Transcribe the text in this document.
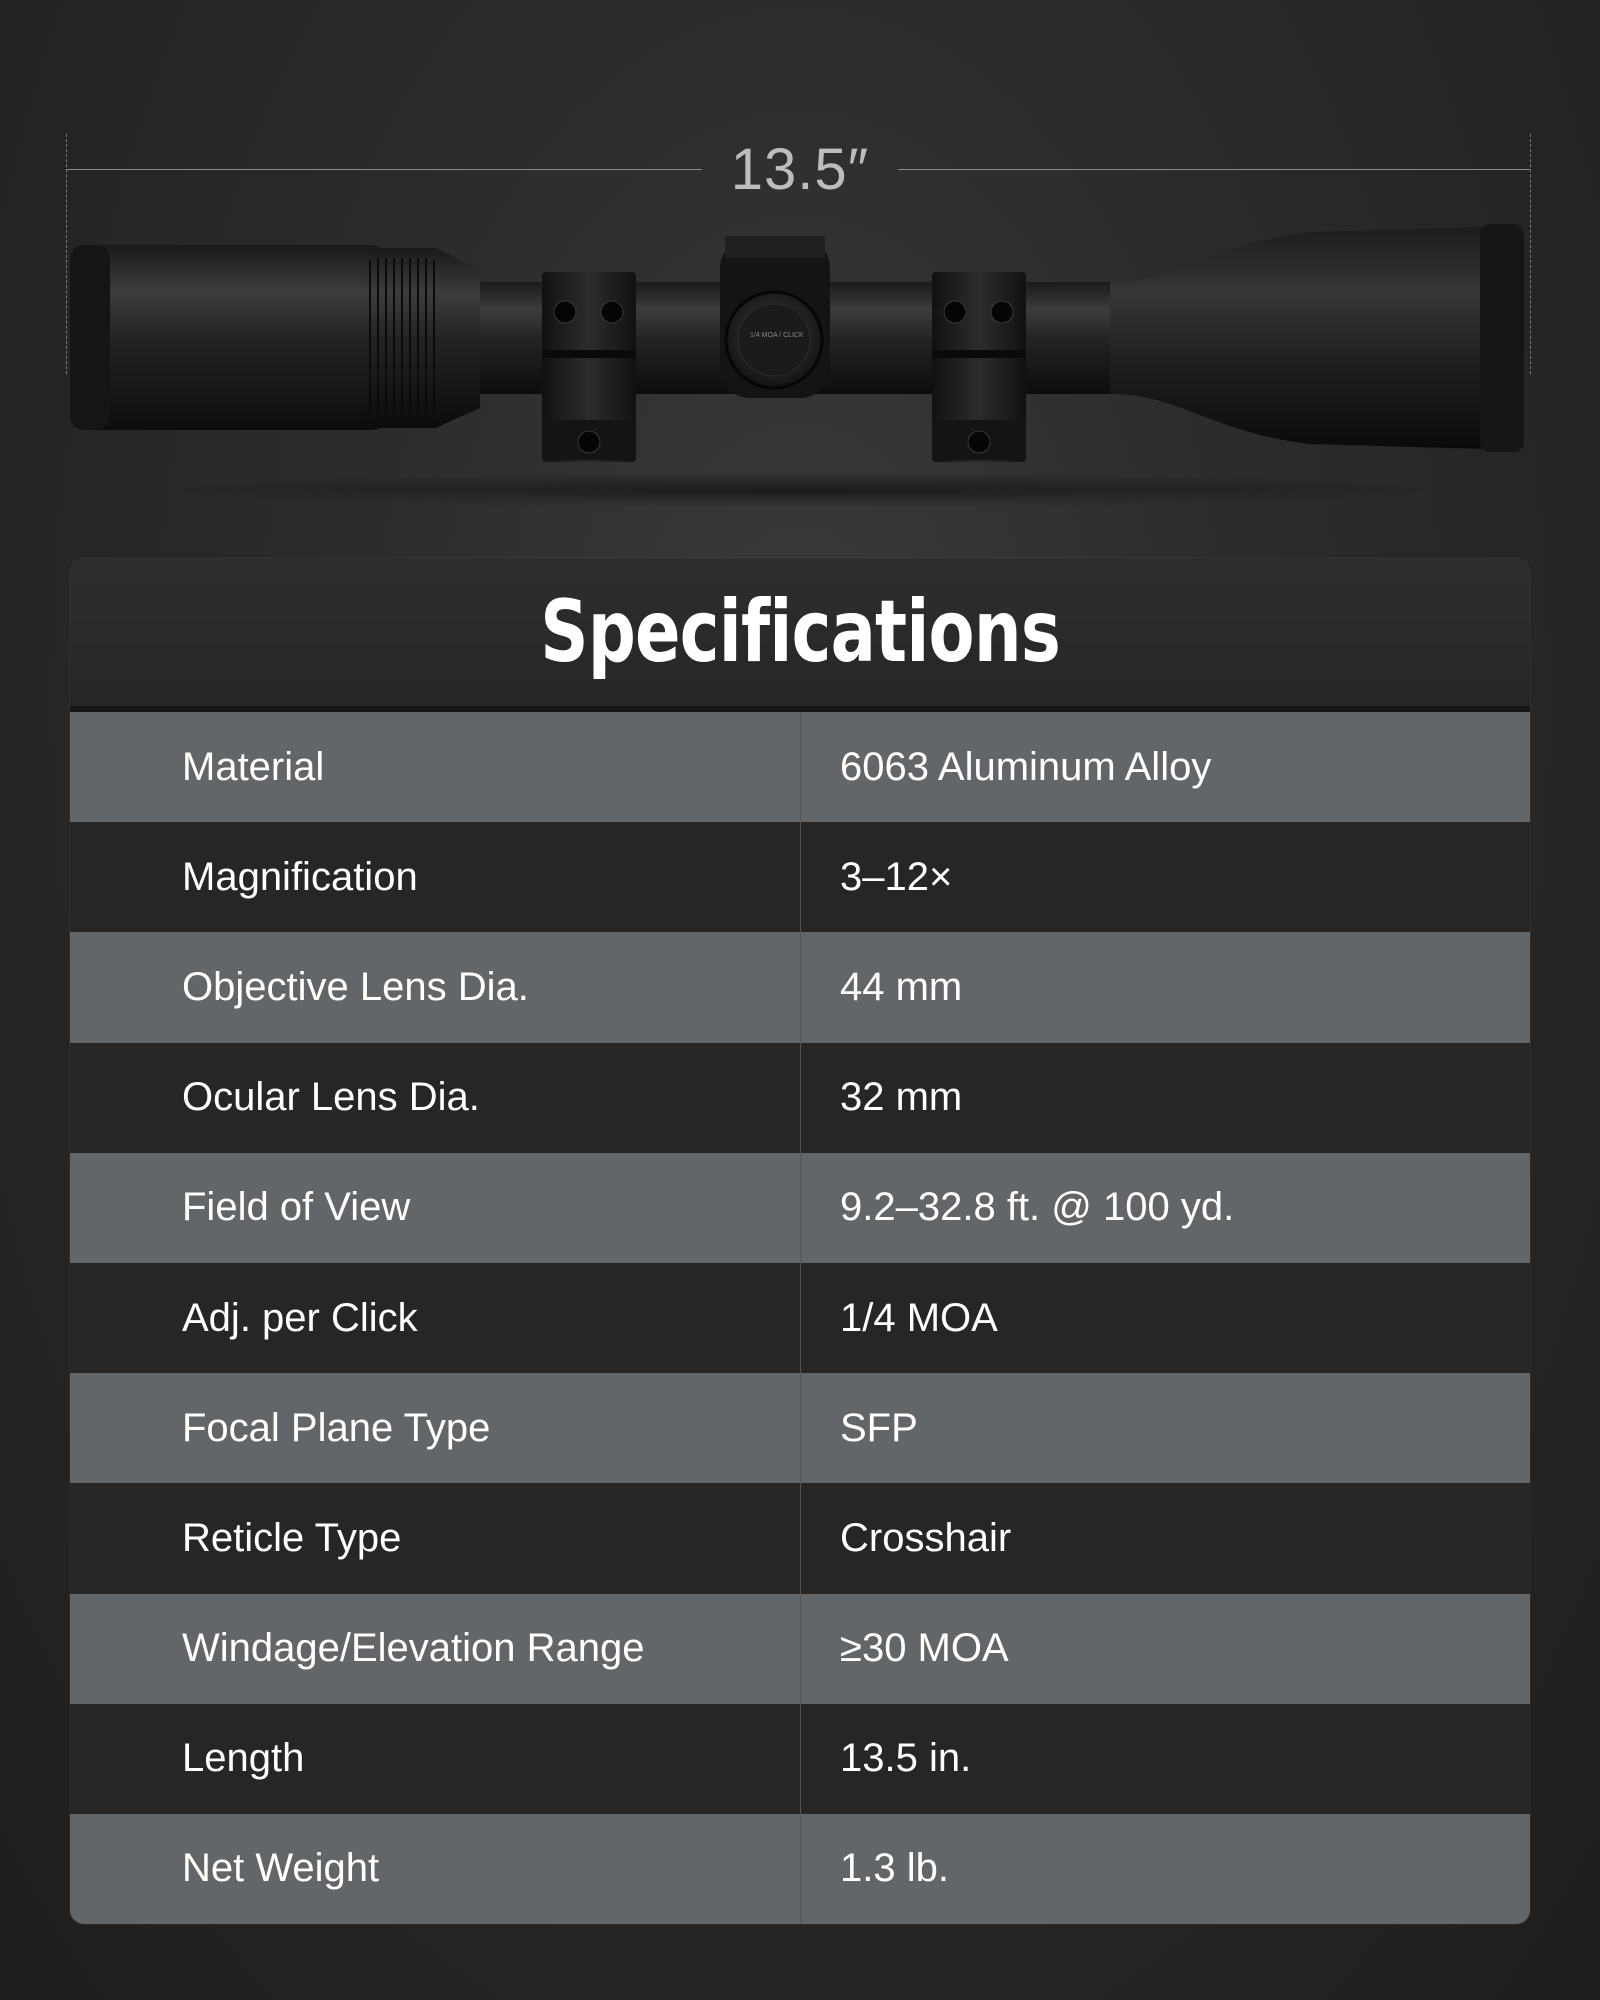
13.5″
1/4 MOA / CLICK
Specifications
Material	6063 Aluminum Alloy
Magnification	3–12×
Objective Lens Dia.	44 mm
Ocular Lens Dia.	32 mm
Field of View	9.2–32.8 ft. @ 100 yd.
Adj. per Click	1/4 MOA
Focal Plane Type	SFP
Reticle Type	Crosshair
Windage/Elevation Range	≥30 MOA
Length	13.5 in.
Net Weight	1.3 lb.
